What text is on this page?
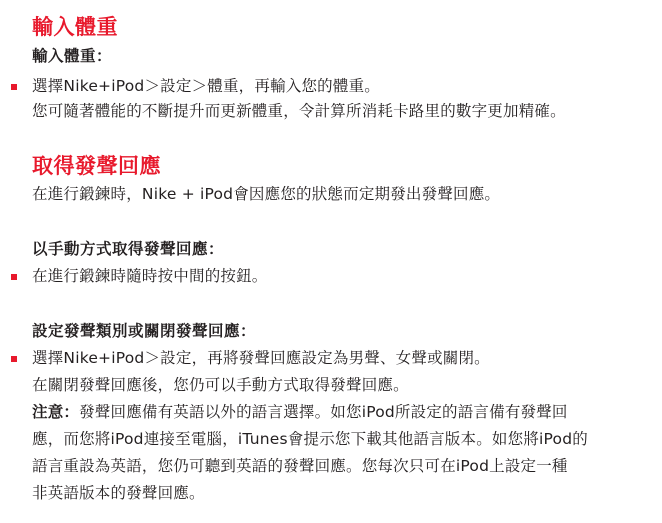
輸入體重
輸入體重：
選擇Nike+iPod＞設定＞體重，再輸入您的體重。
您可隨著體能的不斷提升而更新體重，令計算所消耗卡路里的數字更加精確。
取得發聲回應
在進行鍛鍊時，Nike + iPod會因應您的狀態而定期發出發聲回應。
以手動方式取得發聲回應：
在進行鍛鍊時隨時按中間的按鈕。
設定發聲類別或關閉發聲回應：
選擇Nike+iPod＞設定，再將發聲回應設定為男聲、女聲或關閉。
在關閉發聲回應後，您仍可以手動方式取得發聲回應。
注意：發聲回應備有英語以外的語言選擇。如您iPod所設定的語言備有發聲回
應，而您將iPod連接至電腦，iTunes會提示您下載其他語言版本。如您將iPod的
語言重設為英語，您仍可聽到英語的發聲回應。您每次只可在iPod上設定一種
非英語版本的發聲回應。
